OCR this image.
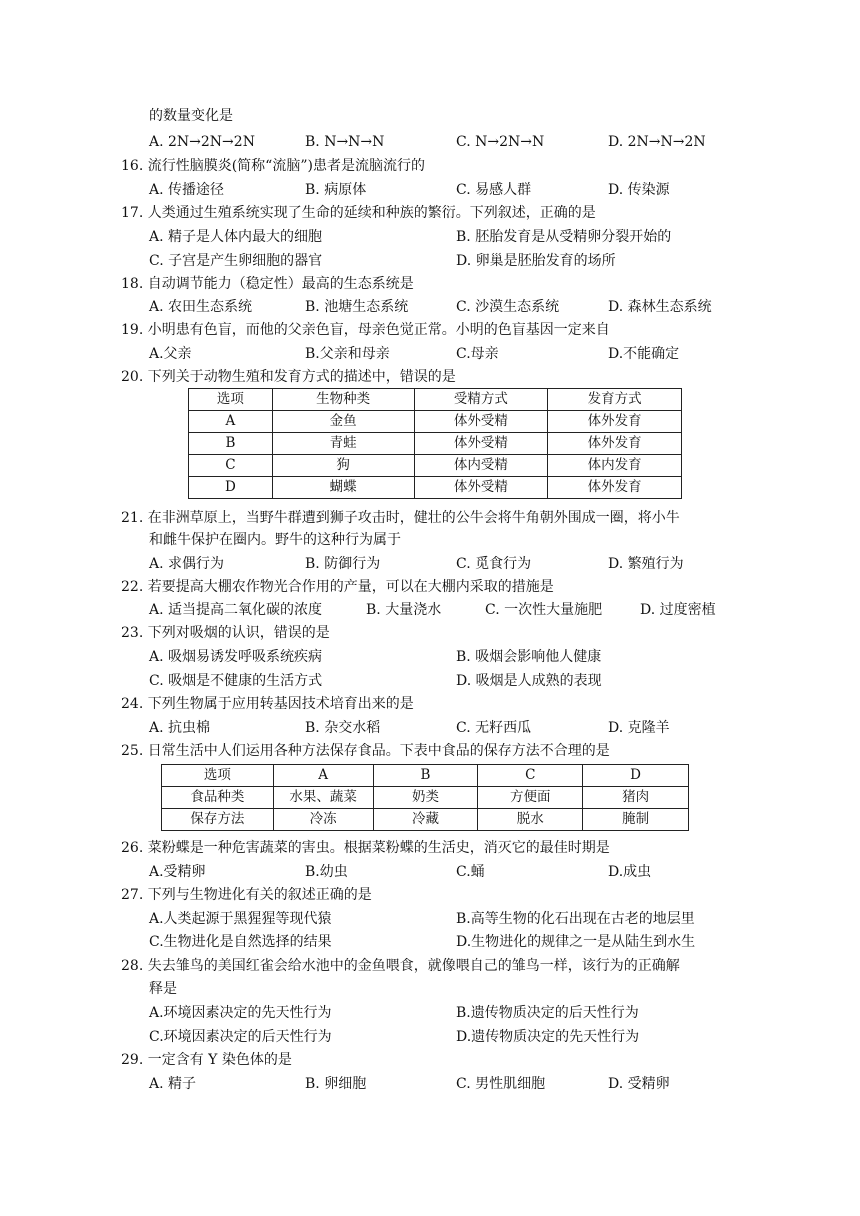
的数量变化是
A. 2N→2N→2N	B. N→N→N	C. N→2N→N	D. 2N→N→2N
16. 流行性脑膜炎(简称“流脑”)患者是流脑流行的
A. 传播途径	B. 病原体	C. 易感人群	D. 传染源
17. 人类通过生殖系统实现了生命的延续和种族的繁衍。下列叙述，正确的是
A. 精子是人体内最大的细胞	B. 胚胎发育是从受精卵分裂开始的
C. 子宫是产生卵细胞的器官	D. 卵巢是胚胎发育的场所
18. 自动调节能力（稳定性）最高的生态系统是
A. 农田生态系统	B. 池塘生态系统	C. 沙漠生态系统	D. 森林生态系统
19. 小明患有色盲，而他的父亲色盲，母亲色觉正常。小明的色盲基因一定来自
A.父亲	B.父亲和母亲	C.母亲	D.不能确定
20. 下列关于动物生殖和发育方式的描述中，错误的是
选项	生物种类	受精方式	发育方式
A	金鱼	体外受精	体外发育
B	青蛙	体外受精	体外发育
C	狗	体内受精	体内发育
D	蝴蝶	体外受精	体外发育
21. 在非洲草原上，当野牛群遭到狮子攻击时，健壮的公牛会将牛角朝外围成一圈，将小牛
和雌牛保护在圈内。野牛的这种行为属于
A. 求偶行为	B. 防御行为	C. 觅食行为	D. 繁殖行为
22. 若要提高大棚农作物光合作用的产量，可以在大棚内采取的措施是
A. 适当提高二氧化碳的浓度	B. 大量浇水	C. 一次性大量施肥	D. 过度密植
23. 下列对吸烟的认识，错误的是
A. 吸烟易诱发呼吸系统疾病	B. 吸烟会影响他人健康
C. 吸烟是不健康的生活方式	D. 吸烟是人成熟的表现
24. 下列生物属于应用转基因技术培育出来的是
A. 抗虫棉	B. 杂交水稻	C. 无籽西瓜	D. 克隆羊
25. 日常生活中人们运用各种方法保存食品。下表中食品的保存方法不合理的是
选项	A	B	C	D
食品种类	水果、蔬菜	奶类	方便面	猪肉
保存方法	冷冻	冷藏	脱水	腌制
26. 菜粉蝶是一种危害蔬菜的害虫。根据菜粉蝶的生活史，消灭它的最佳时期是
A.受精卵	B.幼虫	C.蛹	D.成虫
27. 下列与生物进化有关的叙述正确的是
A.人类起源于黑猩猩等现代猿	B.高等生物的化石出现在古老的地层里
C.生物进化是自然选择的结果	D.生物进化的规律之一是从陆生到水生
28. 失去雏鸟的美国红雀会给水池中的金鱼喂食，就像喂自己的雏鸟一样，该行为的正确解
释是
A.环境因素决定的先天性行为	B.遗传物质决定的后天性行为
C.环境因素决定的后天性行为	D.遗传物质决定的先天性行为
29. 一定含有 Y 染色体的是
A. 精子	B. 卵细胞	C. 男性肌细胞	D. 受精卵
